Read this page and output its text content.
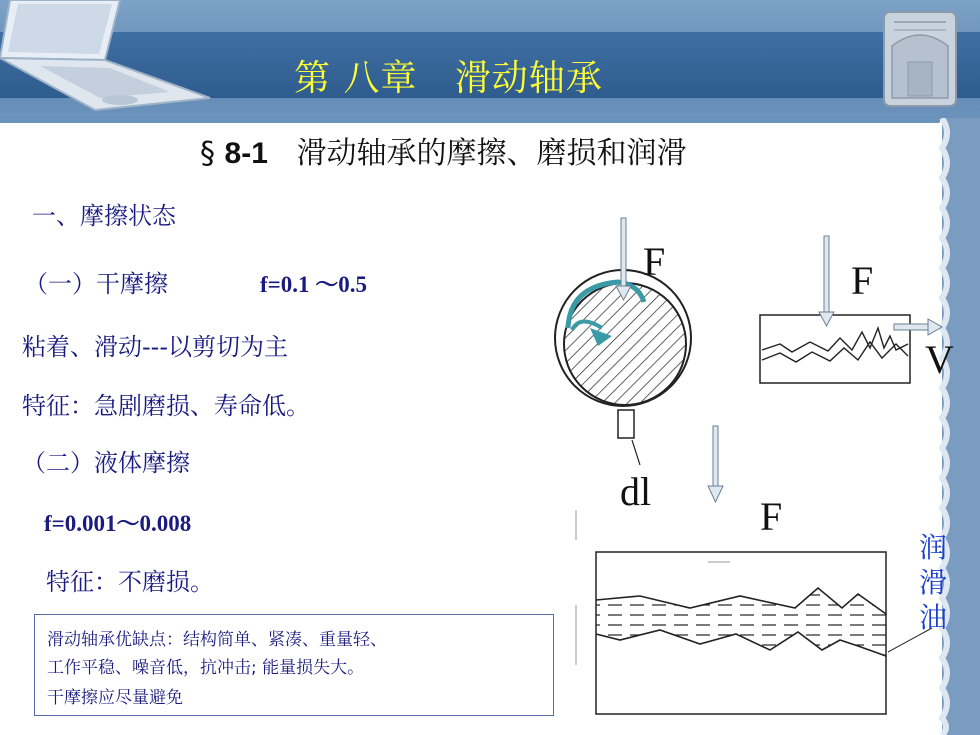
第 八章   滑动轴承
§ 8-1   滑动轴承的摩擦、磨损和润滑
一、摩擦状态
（一）干摩擦	f=0.1 ～0.5
粘着、滑动---以剪切为主
特征：急剧磨损、寿命低。
（二）液体摩擦
f=0.001～0.008
特征：不磨损。
滑动轴承优缺点：结构简单、紧凑、重量轻、
工作平稳、噪音低，抗冲击; 能量损失大。
干摩擦应尽量避免
F	F
V
dl
F
润
滑
油
